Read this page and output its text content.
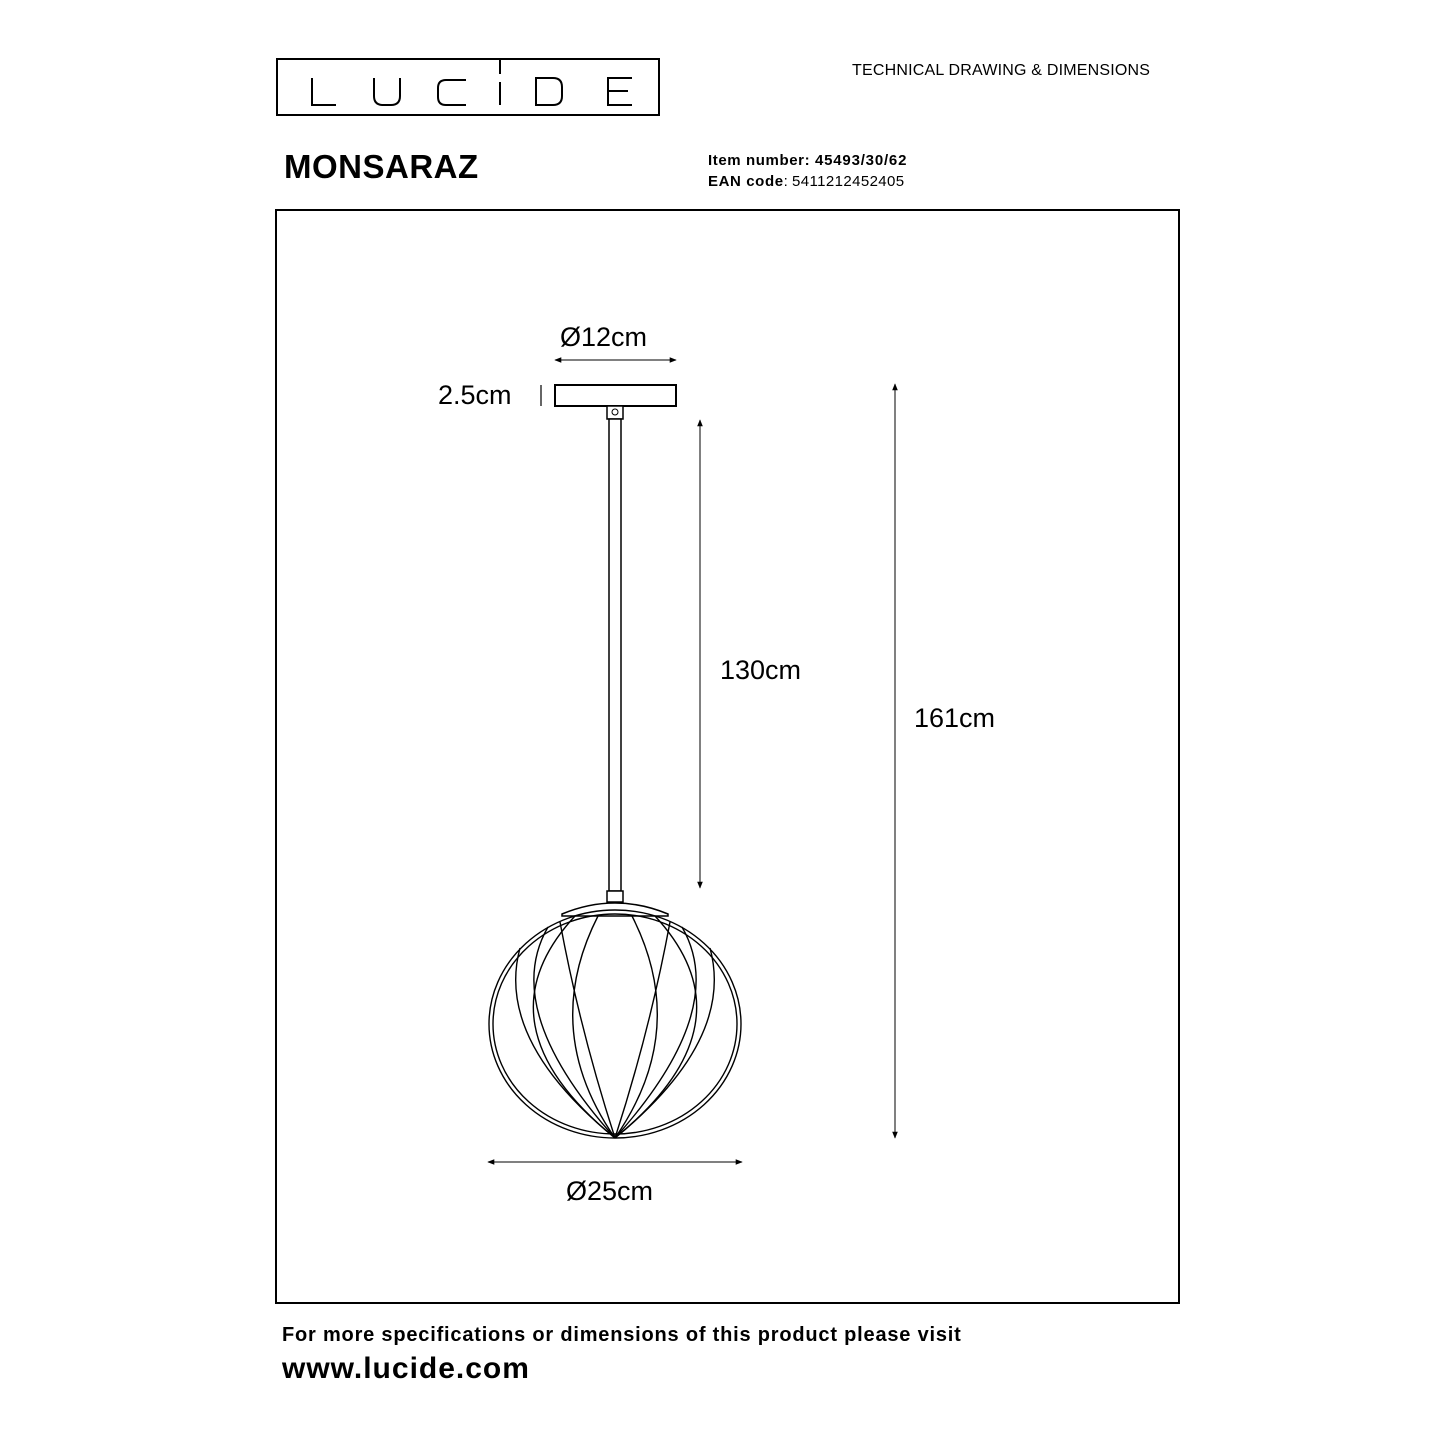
TECHNICAL DRAWING & DIMENSIONS
MONSARAZ	Item number: 45493/30/62
EAN code: 5411212452405
Ø12cm
2.5cm
130cm
161cm
Ø25cm
For more specifications or dimensions of this product please visit
www.lucide.com
